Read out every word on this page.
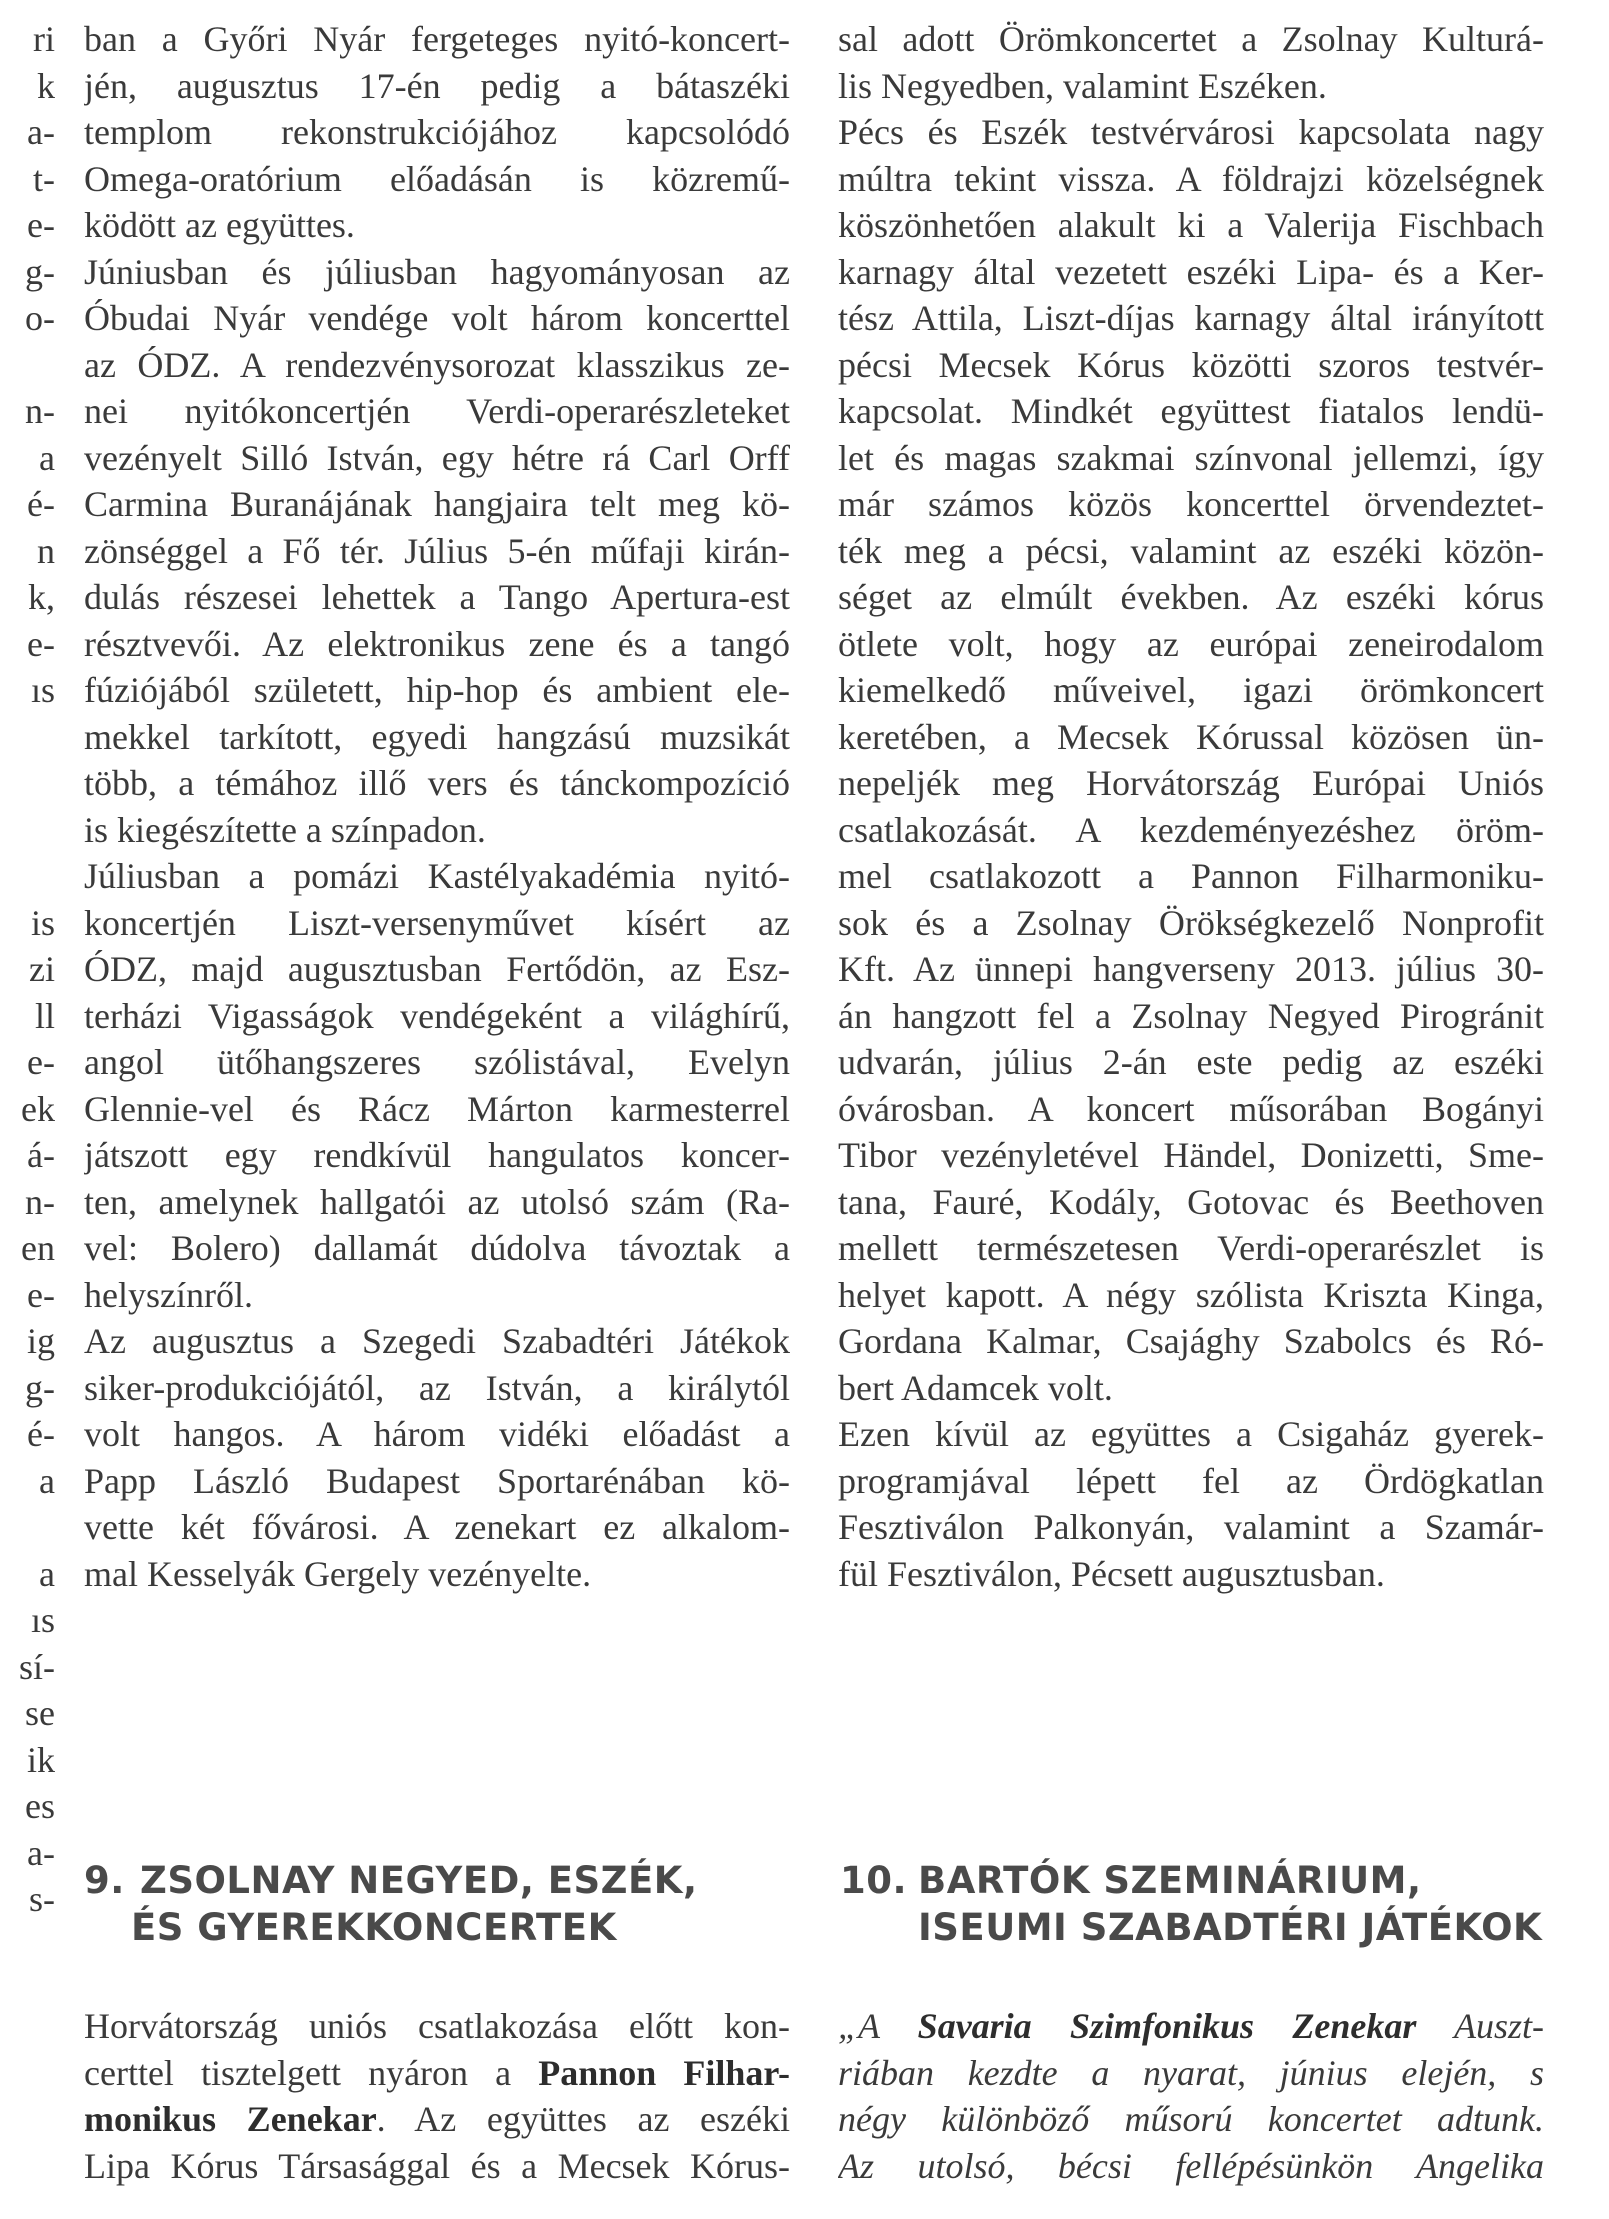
ri
k
a-
t-
e-
g-
o-
n-
a
é-
n
k,
e-
ıs
is
zi
ll
e-
ek
á-
n-
en
e-
ig
g-
é-
a
a
ıs
sí-
se
ik
es
a-
s-
ban a Győri Nyár fergeteges nyitó-koncert-
jén, augusztus 17-én pedig a bátaszéki
templom rekonstrukciójához kapcsolódó
Omega-oratórium előadásán is közremű-
ködött az együttes.
Júniusban és júliusban hagyományosan az
Óbudai Nyár vendége volt három koncerttel
az ÓDZ. A rendezvénysorozat klasszikus ze-
nei nyitókoncertjén Verdi-operarészleteket
vezényelt Silló István, egy hétre rá Carl Orff
Carmina Buranájának hangjaira telt meg kö-
zönséggel a Fő tér. Július 5-én műfaji kirán-
dulás részesei lehettek a Tango Apertura-est
résztvevői. Az elektronikus zene és a tangó
fúziójából született, hip-hop és ambient ele-
mekkel tarkított, egyedi hangzású muzsikát
több, a témához illő vers és tánckompozíció
is kiegészítette a színpadon.
Júliusban a pomázi Kastélyakadémia nyitó-
koncertjén Liszt-versenyművet kísért az
ÓDZ, majd augusztusban Fertődön, az Esz-
terházi Vigasságok vendégeként a világhírű,
angol ütőhangszeres szólistával, Evelyn
Glennie-vel és Rácz Márton karmesterrel
játszott egy rendkívül hangulatos koncer-
ten, amelynek hallgatói az utolsó szám (Ra-
vel: Bolero) dallamát dúdolva távoztak a
helyszínről.
Az augusztus a Szegedi Szabadtéri Játékok
siker-produkciójától, az István, a királytól
volt hangos. A három vidéki előadást a
Papp László Budapest Sportarénában kö-
vette két fővárosi. A zenekart ez alkalom-
mal Kesselyák Gergely vezényelte.
sal adott Örömkoncertet a Zsolnay Kulturá-
lis Negyedben, valamint Eszéken.
Pécs és Eszék testvérvárosi kapcsolata nagy
múltra tekint vissza. A földrajzi közelségnek
köszönhetően alakult ki a Valerija Fischbach
karnagy által vezetett eszéki Lipa- és a Ker-
tész Attila, Liszt-díjas karnagy által irányított
pécsi Mecsek Kórus közötti szoros testvér-
kapcsolat. Mindkét együttest fiatalos lendü-
let és magas szakmai színvonal jellemzi, így
már számos közös koncerttel örvendeztet-
ték meg a pécsi, valamint az eszéki közön-
séget az elmúlt években. Az eszéki kórus
ötlete volt, hogy az európai zeneirodalom
kiemelkedő műveivel, igazi örömkoncert
keretében, a Mecsek Kórussal közösen ün-
nepeljék meg Horvátország Európai Uniós
csatlakozását. A kezdeményezéshez öröm-
mel csatlakozott a Pannon Filharmoniku-
sok és a Zsolnay Örökségkezelő Nonprofit
Kft. Az ünnepi hangverseny 2013. július 30-
án hangzott fel a Zsolnay Negyed Pirogránit
udvarán, július 2-án este pedig az eszéki
óvárosban. A koncert műsorában Bogányi
Tibor vezényletével Händel, Donizetti, Sme-
tana, Fauré, Kodály, Gotovac és Beethoven
mellett természetesen Verdi-operarészlet is
helyet kapott. A négy szólista Kriszta Kinga,
Gordana Kalmar, Csajághy Szabolcs és Ró-
bert Adamcek volt.
Ezen kívül az együttes a Csigaház gyerek-
programjával lépett fel az Ördögkatlan
Fesztiválon Palkonyán, valamint a Szamár-
fül Fesztiválon, Pécsett augusztusban.
9. ZSOLNAY NEGYED, ESZÉK,
ÉS GYEREKKONCERTEK
10. BARTÓK SZEMINÁRIUM,
ISEUMI SZABADTÉRI JÁTÉKOK
Horvátország uniós csatlakozása előtt kon-
certtel tisztelgett nyáron a Pannon Filhar-
monikus Zenekar. Az együttes az eszéki
Lipa Kórus Társasággal és a Mecsek Kórus-
„A Savaria Szimfonikus Zenekar Auszt-
riában kezdte a nyarat, június elején, s
négy különböző műsorú koncertet adtunk.
Az utolsó, bécsi fellépésünkön Angelika
